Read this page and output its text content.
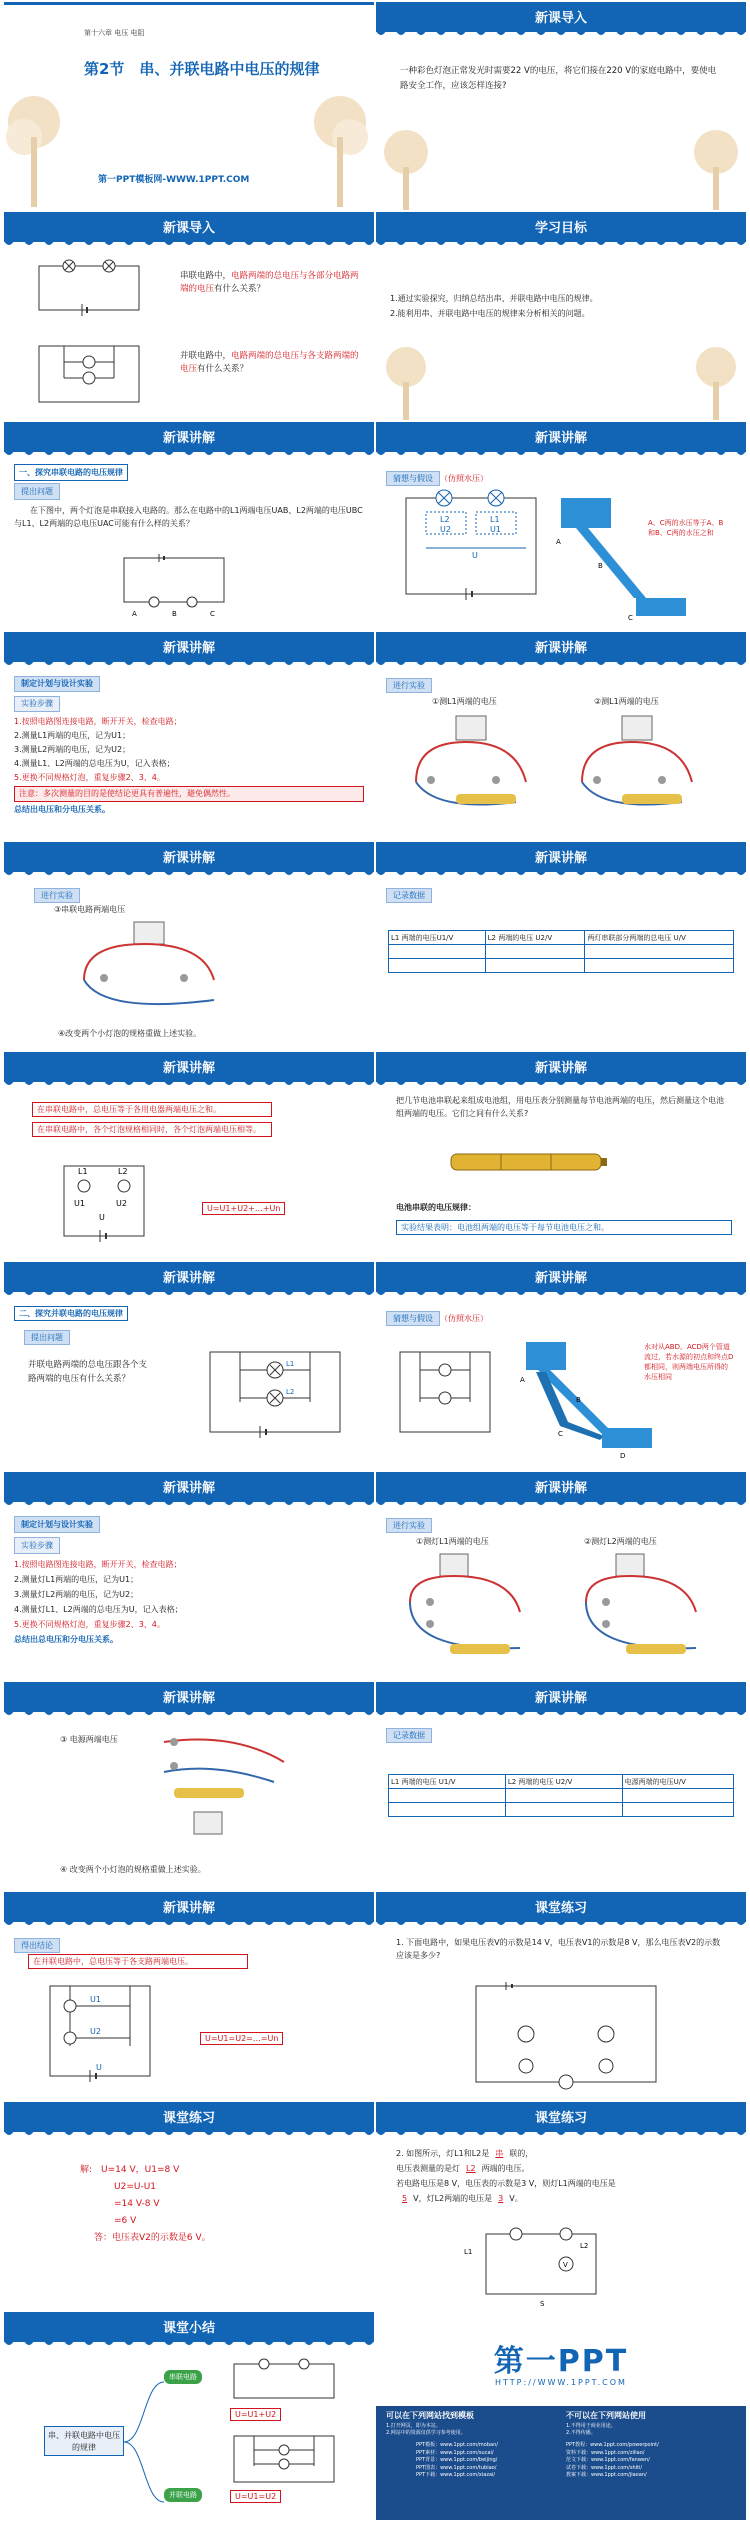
第十六章 电压 电阻
第2节　串、并联电路中电压的规律
第一PPT模板网-WWW.1PPT.COM
新课导入
一种彩色灯泡正常发光时需要22 V的电压，将它们接在220 V的家庭电路中，要使电路安全工作，应该怎样连接?
新课导入
串联电路中，电路两端的总电压与各部分电路两端的电压有什么关系？
并联电路中，电路两端的总电压与各支路两端的电压有什么关系？
学习目标
1.通过实验探究，归纳总结出串、并联电路中电压的规律。
2.能利用串、并联电路中电压的规律来分析相关的问题。
新课讲解
一、探究串联电路的电压规律
提出问题
在下图中，两个灯泡是串联接入电路的。那么在电路中的L1两端电压UAB、L2两端的电压UBC与L1、L2两端的总电压UAC可能有什么样的关系？
A	B	C
新课讲解
猜想与假设 （仿照水压）
L2	L1
U2	U1
U
A
B
C
A、C两的水压等于A、B和B、C两的水压之和
新课讲解
制定计划与设计实验
实验步骤
1.按照电路图连接电路，断开开关，检查电路；
2.测量L1两端的电压，记为U1；
3.测量L2两端的电压，记为U2；
4.测量L1、L2两端的总电压为U，记入表格；
5.更换不同规格灯泡，重复步骤2、3、4。
注意：多次测量的目的是使结论更具有普遍性，避免偶然性。
总结出电压和分电压关系。
新课讲解
进行实验
①测L1两端的电压	②测L1两端的电压
新课讲解
进行实验
③串联电路两端电压
④改变两个小灯泡的规格重做上述实验。
新课讲解
记录数据
L1 两端的电压U1/V	L2 两端的电压 U2/V	两灯串联部分两端的总电压 U/V

新课讲解
在串联电路中，总电压等于各用电器两端电压之和。
在串联电路中，各个灯泡规格相同时，各个灯泡两端电压相等。
L1	L2
U1	U2
U
U=U1+U2+…+Un
新课讲解
把几节电池串联起来组成电池组，用电压表分别测量每节电池两端的电压，然后测量这个电池组两端的电压。它们之间有什么关系?
电池串联的电压规律：
实验结果表明：电池组两端的电压等于每节电池电压之和。
新课讲解
二、探究并联电路的电压规律
提出问题
并联电路两端的总电压跟各个支路两端的电压有什么关系？
L1
L2
新课讲解
猜想与假设 （仿照水压）
A
B
C
D
水对从ABD、ACD两个管道流过，若水源的初点和终点D都相同，则两端电压所得的水压相同
新课讲解
制定计划与设计实验
实验步骤
1.按照电路图连接电路，断开开关，检查电路；
2.测量灯L1两端的电压，记为U1；
3.测量灯L2两端的电压，记为U2；
4.测量灯L1、L2两端的总电压为U，记入表格；
5.更换不同规格灯泡，重复步骤2、3、4。
总结出总电压和分电压关系。
新课讲解
进行实验
①测灯L1两端的电压	②测灯L2两端的电压
新课讲解
③ 电源两端电压
④ 改变两个小灯泡的规格重做上述实验。
新课讲解
记录数据
L1 两端的电压 U1/V	L2 两端的电压 U2/V	电源两端的电压U/V

新课讲解
得出结论
在并联电路中，总电压等于各支路两端电压。
U1
U2
U
U=U1=U2=…=Un
课堂练习
1. 下面电路中，如果电压表V的示数是14 V，电压表V1的示数是8 V，那么电压表V2的示数应该是多少?
课堂练习
解:　U=14 V，U1=8 V
U2=U-U1
=14 V-8 V
=6 V
答：电压表V2的示数是6 V。
课堂练习
2. 如图所示，灯L1和L2是 串 联的，
电压表测量的是灯 L2 两端的电压。
若电路电压是8 V，电压表的示数是3 V，则灯L1两端的电压是
5 V，灯L2两端的电压是 3 V。
L1
L2
V
S
课堂小结
串、并联电路中电压的规律
串联电路
并联电路
U=U1+U2
U=U1=U2
第一PPT
HTTP://WWW.1PPT.COM
可以在下列网站找到模板	不可以在下列网站使用
1.打开网页，即为本站。
2.网站中的资源仅供学习参考使用。
1.不得用于商业用途。
2.不得传播。
PPT模板：www.1ppt.com/moban/
PPT素材：www.1ppt.com/sucai/
PPT背景：www.1ppt.com/beijing/
PPT图表：www.1ppt.com/tubiao/
PPT下载：www.1ppt.com/xiazai/
PPT教程：www.1ppt.com/powerpoint/
资料下载：www.1ppt.com/ziliao/
范文下载：www.1ppt.com/fanwen/
试卷下载：www.1ppt.com/shiti/
教案下载：www.1ppt.com/jiaoan/
